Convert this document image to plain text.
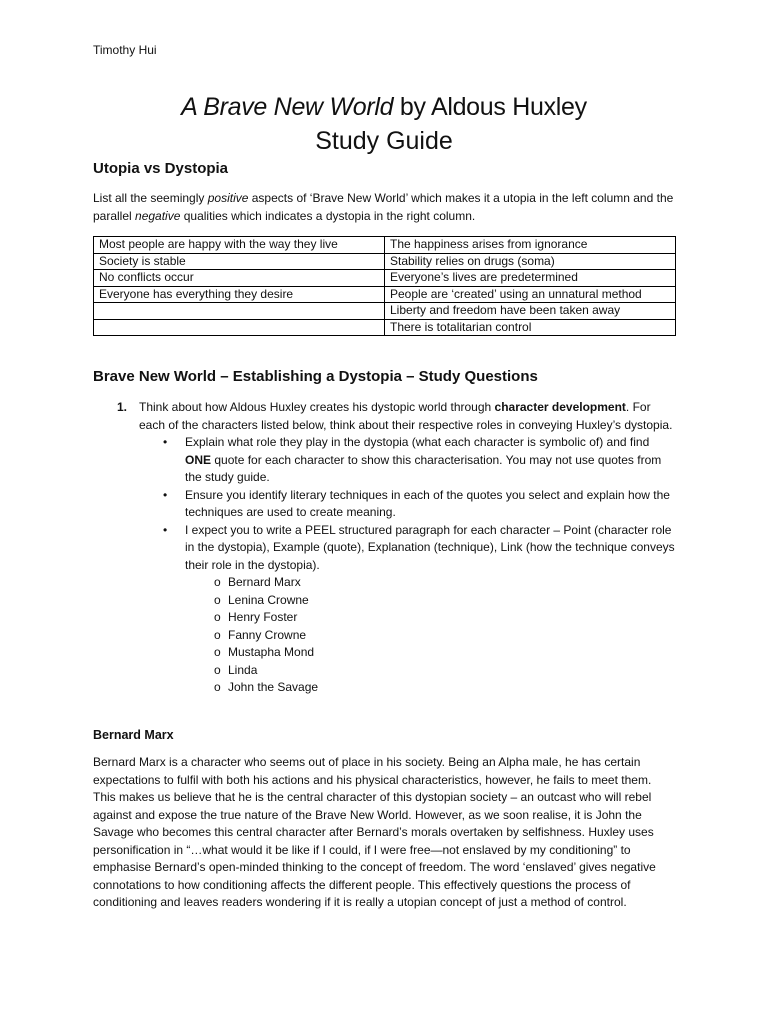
Timothy Hui
A Brave New World by Aldous Huxley
Study Guide
Utopia vs Dystopia
List all the seemingly positive aspects of ‘Brave New World’ which makes it a utopia in the left column and the parallel negative qualities which indicates a dystopia in the right column.
Most people are happy with the way they live	The happiness arises from ignorance
Society is stable	Stability relies on drugs (soma)
No conflicts occur	Everyone’s lives are predetermined
Everyone has everything they desire	People are ‘created’ using an unnatural method
	Liberty and freedom have been taken away
	There is totalitarian control
Brave New World – Establishing a Dystopia – Study Questions
1. Think about how Aldous Huxley creates his dystopic world through character development. For each of the characters listed below, think about their respective roles in conveying Huxley’s dystopia.
• Explain what role they play in the dystopia (what each character is symbolic of) and find ONE quote for each character to show this characterisation. You may not use quotes from the study guide.
• Ensure you identify literary techniques in each of the quotes you select and explain how the techniques are used to create meaning.
• I expect you to write a PEEL structured paragraph for each character – Point (character role in the dystopia), Example (quote), Explanation (technique), Link (how the technique conveys their role in the dystopia).
o Bernard Marx
o Lenina Crowne
o Henry Foster
o Fanny Crowne
o Mustapha Mond
o Linda
o John the Savage
Bernard Marx
Bernard Marx is a character who seems out of place in his society. Being an Alpha male, he has certain expectations to fulfil with both his actions and his physical characteristics, however, he fails to meet them. This makes us believe that he is the central character of this dystopian society – an outcast who will rebel against and expose the true nature of the Brave New World. However, as we soon realise, it is John the Savage who becomes this central character after Bernard’s morals overtaken by selfishness. Huxley uses personification in “…what would it be like if I could, if I were free—not enslaved by my conditioning” to emphasise Bernard’s open-minded thinking to the concept of freedom. The word ‘enslaved’ gives negative connotations to how conditioning affects the different people. This effectively questions the process of conditioning and leaves readers wondering if it is really a utopian concept of just a method of control.
